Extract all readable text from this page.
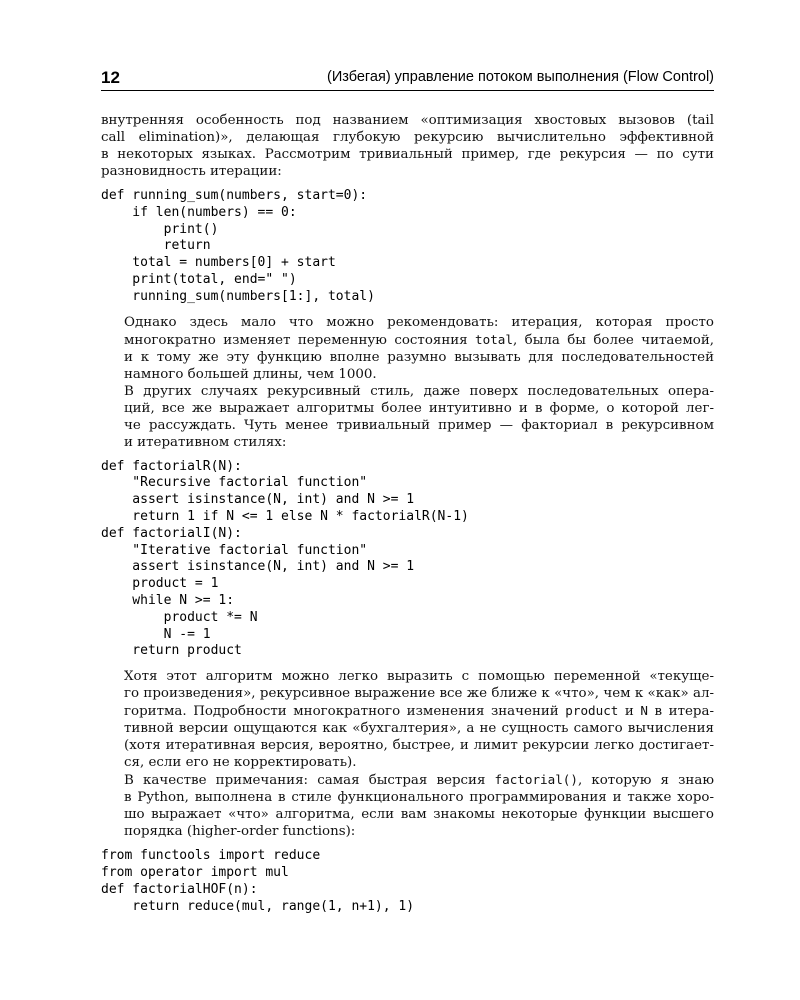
12	(Избегая) управление потоком выполнения (Flow Control)

внутренняя особенность под названием «оптимизация хвостовых вызовов (tail
call elimination)», делающая глубокую рекурсию вычислительно эффективной
в некоторых языках. Рассмотрим тривиальный пример, где рекурсия — по сути
разновидность итерации:

def running_sum(numbers, start=0):
if len(numbers) == 0:
print()
return
total = numbers[0] + start
print(total, end=" ")
running_sum(numbers[1:], total)

Однако здесь мало что можно рекомендовать: итерация, которая просто
многократно изменяет переменную состояния total, была бы более читаемой,
и к тому же эту функцию вполне разумно вызывать для последовательностей
намного большей длины, чем 1000.

В других случаях рекурсивный стиль, даже поверх последовательных опера-
ций, все же выражает алгоритмы более интуитивно и в форме, о которой лег-
че рассуждать. Чуть менее тривиальный пример — факториал в рекурсивном
и итеративном стилях:

def factorialR(N):
"Recursive factorial function"
assert isinstance(N, int) and N >= 1
return 1 if N <= 1 else N * factorialR(N-1)
def factorialI(N):
"Iterative factorial function"
assert isinstance(N, int) and N >= 1
product = 1
while N >= 1:
product *= N
N -= 1
return product

Хотя этот алгоритм можно легко выразить с помощью переменной «текуще-
го произведения», рекурсивное выражение все же ближе к «что», чем к «как» ал-
горитма. Подробности многократного изменения значений product и N в итера-
тивной версии ощущаются как «бухгалтерия», а не сущность самого вычисления
(хотя итеративная версия, вероятно, быстрее, и лимит рекурсии легко достигает-
ся, если его не корректировать).

В качестве примечания: самая быстрая версия factorial(), которую я знаю
в Python, выполнена в стиле функционального программирования и также хоро-
шо выражает «что» алгоритма, если вам знакомы некоторые функции высшего
порядка (higher-order functions):

from functools import reduce
from operator import mul
def factorialHOF(n):
return reduce(mul, range(1, n+1), 1)
